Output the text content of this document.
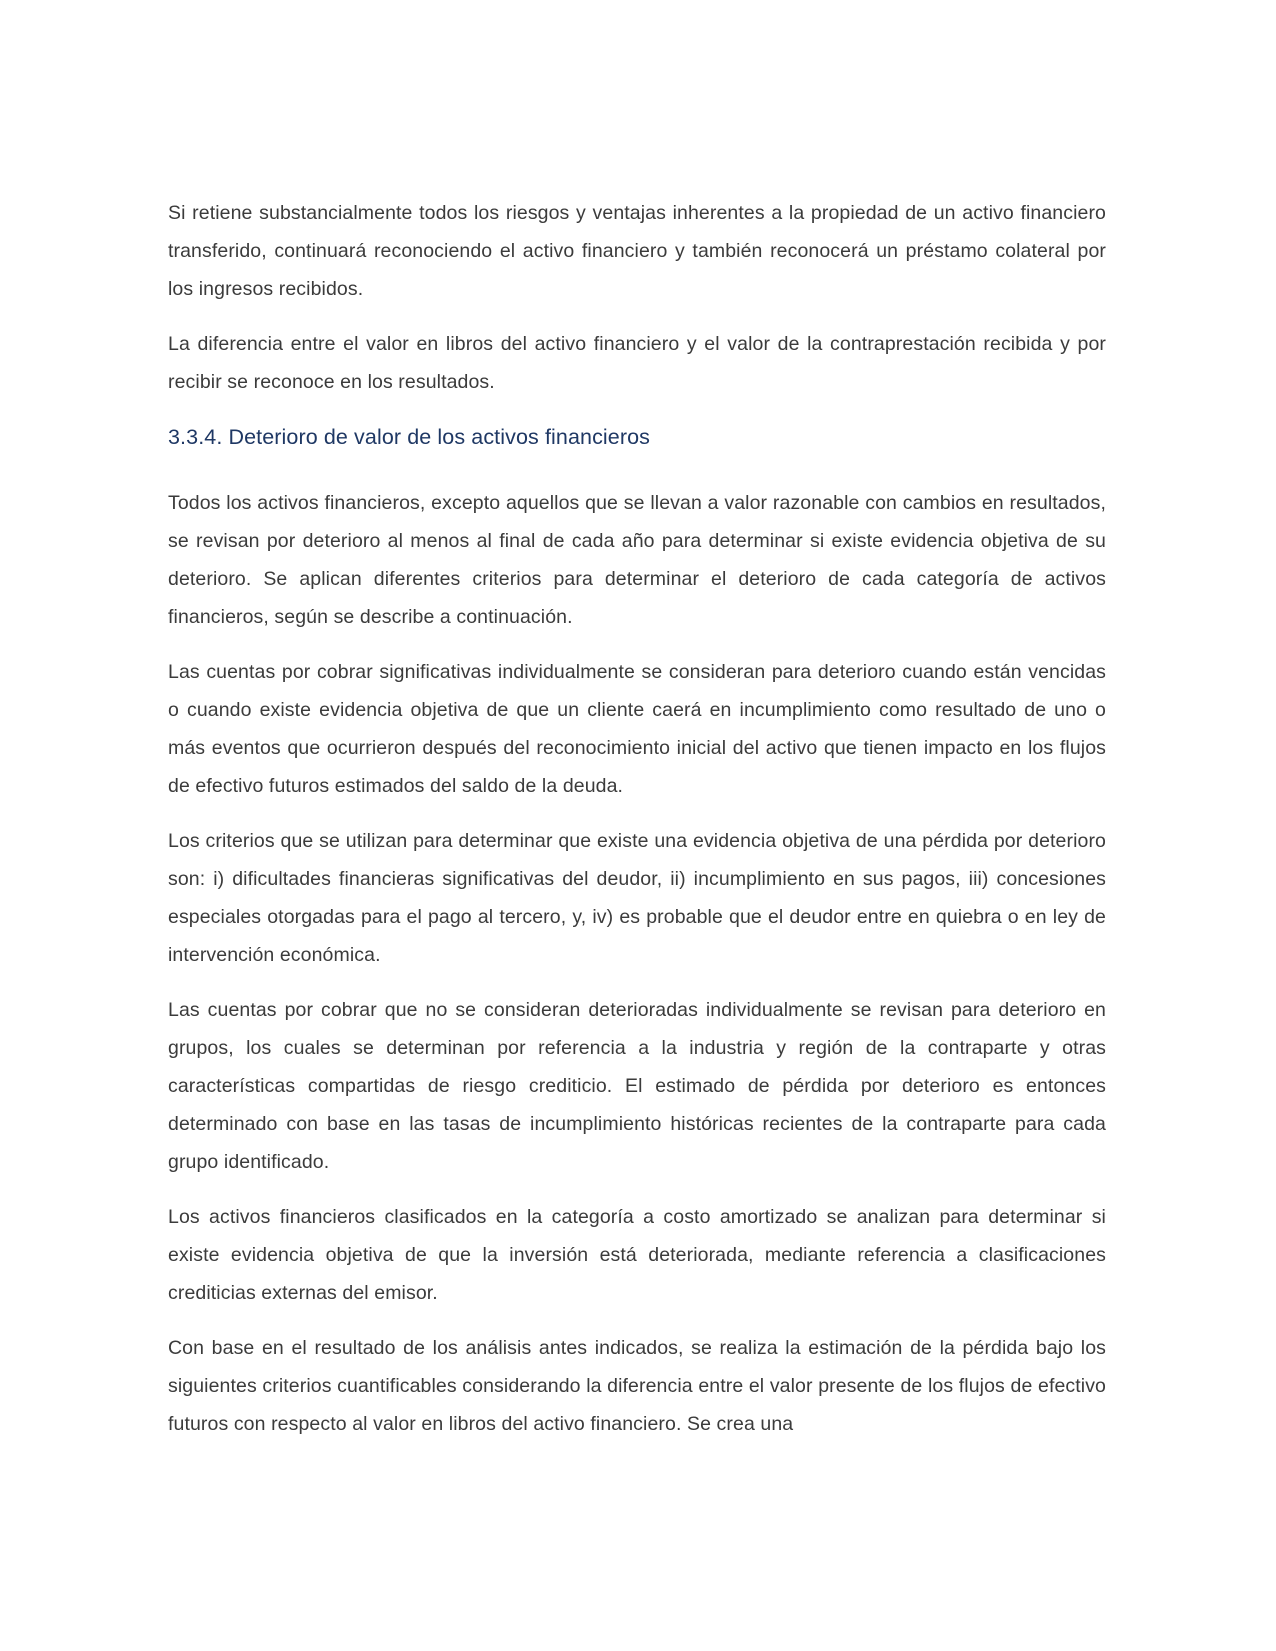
Si retiene substancialmente todos los riesgos y ventajas inherentes a la propiedad de un activo financiero transferido, continuará reconociendo el activo financiero y también reconocerá un préstamo colateral por los ingresos recibidos.

La diferencia entre el valor en libros del activo financiero y el valor de la contraprestación recibida y por recibir se reconoce en los resultados.

3.3.4. Deterioro de valor de los activos financieros

Todos los activos financieros, excepto aquellos que se llevan a valor razonable con cambios en resultados, se revisan por deterioro al menos al final de cada año para determinar si existe evidencia objetiva de su deterioro. Se aplican diferentes criterios para determinar el deterioro de cada categoría de activos financieros, según se describe a continuación.

Las cuentas por cobrar significativas individualmente se consideran para deterioro cuando están vencidas o cuando existe evidencia objetiva de que un cliente caerá en incumplimiento como resultado de uno o más eventos que ocurrieron después del reconocimiento inicial del activo que tienen impacto en los flujos de efectivo futuros estimados del saldo de la deuda.

Los criterios que se utilizan para determinar que existe una evidencia objetiva de una pérdida por deterioro son: i) dificultades financieras significativas del deudor, ii) incumplimiento en sus pagos, iii) concesiones especiales otorgadas para el pago al tercero, y, iv) es probable que el deudor entre en quiebra o en ley de intervención económica.

Las cuentas por cobrar que no se consideran deterioradas individualmente se revisan para deterioro en grupos, los cuales se determinan por referencia a la industria y región de la contraparte y otras características compartidas de riesgo crediticio. El estimado de pérdida por deterioro es entonces determinado con base en las tasas de incumplimiento históricas recientes de la contraparte para cada grupo identificado.

Los activos financieros clasificados en la categoría a costo amortizado se analizan para determinar si existe evidencia objetiva de que la inversión está deteriorada, mediante referencia a clasificaciones crediticias externas del emisor.

Con base en el resultado de los análisis antes indicados, se realiza la estimación de la pérdida bajo los siguientes criterios cuantificables considerando la diferencia entre el valor presente de los flujos de efectivo futuros con respecto al valor en libros del activo financiero. Se crea una
